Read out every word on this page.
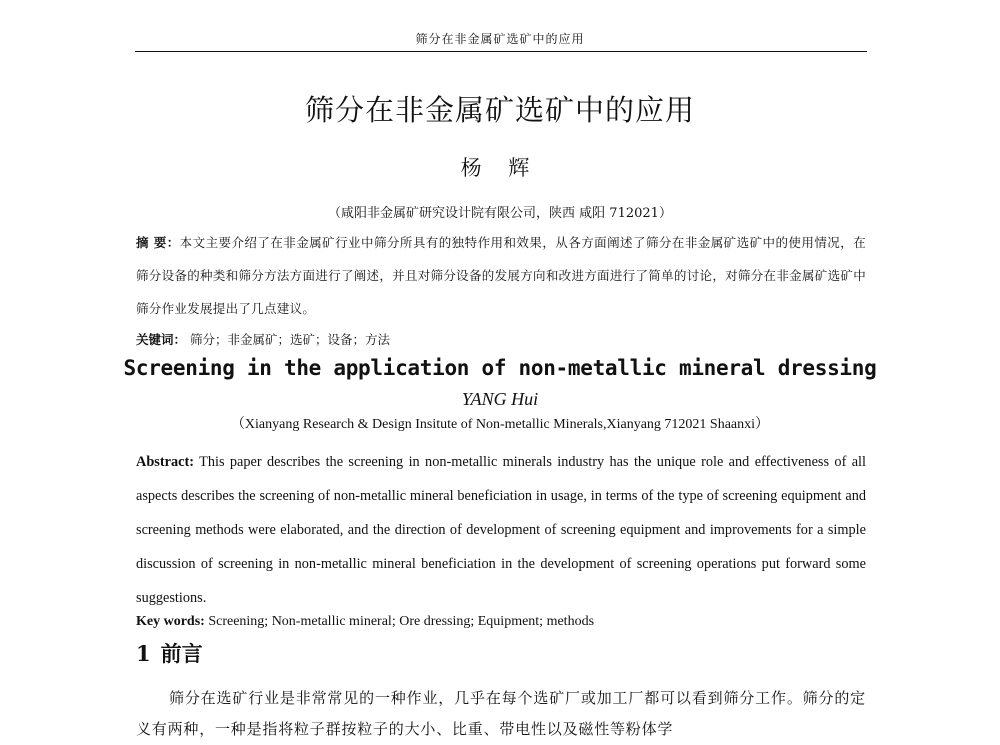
筛分在非金属矿选矿中的应用
筛分在非金属矿选矿中的应用
杨 辉
（咸阳非金属矿研究设计院有限公司，陕西 咸阳 712021）
摘 要：本文主要介绍了在非金属矿行业中筛分所具有的独特作用和效果，从各方面阐述了筛分在非金属矿选矿中的使用情况，在筛分设备的种类和筛分方法方面进行了阐述，并且对筛分设备的发展方向和改进方面进行了简单的讨论，对筛分在非金属矿选矿中筛分作业发展提出了几点建议。
关键词： 筛分；非金属矿；选矿；设备；方法
Screening in the application of non-metallic mineral dressing
YANG Hui
（Xianyang Research & Design Insitute of Non-metallic Minerals,Xianyang 712021 Shaanxi）
Abstract: This paper describes the screening in non-metallic minerals industry has the unique role and effectiveness of all aspects describes the screening of non-metallic mineral beneficiation in usage, in terms of the type of screening equipment and screening methods were elaborated, and the direction of development of screening equipment and improvements for a simple discussion of screening in non-metallic mineral beneficiation in the development of screening operations put forward some suggestions.
Key words: Screening; Non-metallic mineral; Ore dressing; Equipment; methods
1 前言
筛分在选矿行业是非常常见的一种作业，几乎在每个选矿厂或加工厂都可以看到筛分工作。筛分的定义有两种，一种是指将粒子群按粒子的大小、比重、带电性以及磁性等粉体学
